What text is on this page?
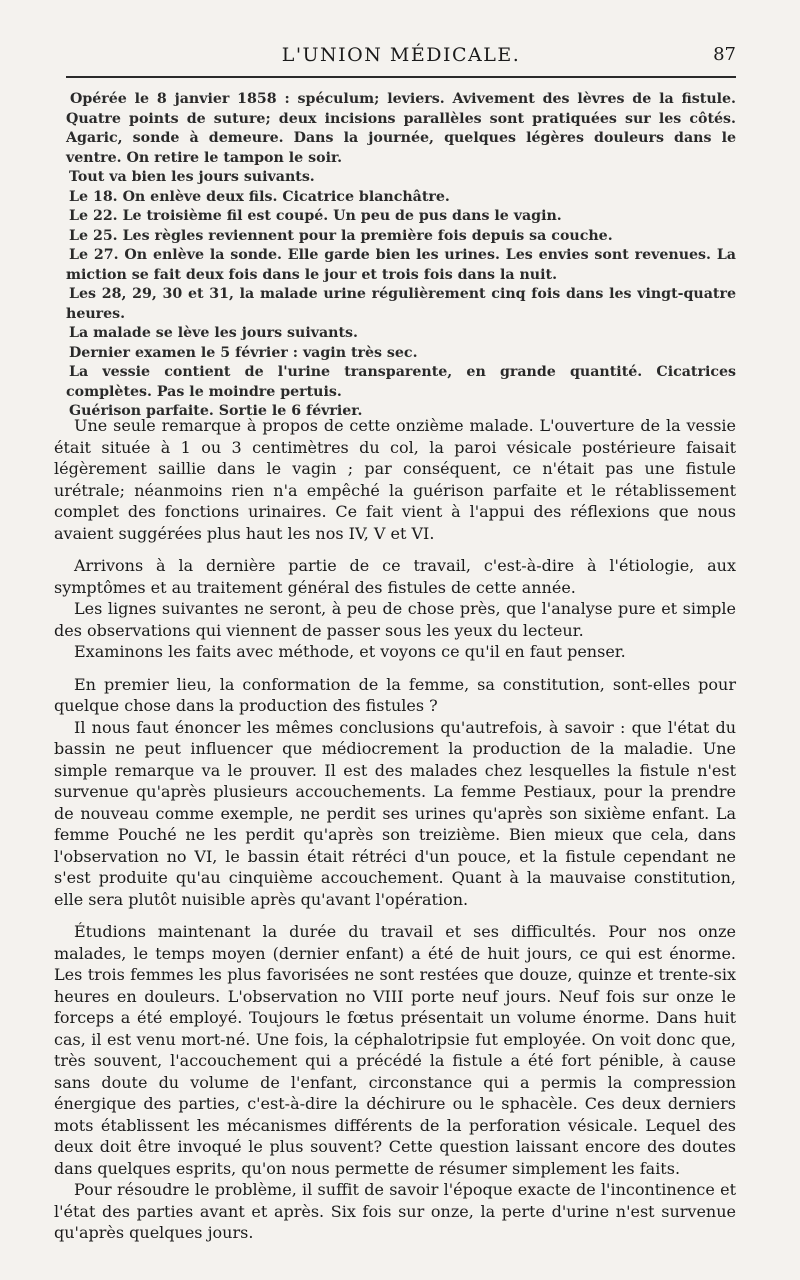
L'UNION MÉDICALE.	87

Opérée le 8 janvier 1858 : spéculum; leviers. Avivement des lèvres de la fistule. Quatre points de suture; deux incisions parallèles sont pratiquées sur les côtés. Agaric, sonde à demeure. Dans la journée, quelques légères douleurs dans le ventre. On retire le tampon le soir.

Tout va bien les jours suivants.

Le 18. On enlève deux fils. Cicatrice blanchâtre.

Le 22. Le troisième fil est coupé. Un peu de pus dans le vagin.

Le 25. Les règles reviennent pour la première fois depuis sa couche.

Le 27. On enlève la sonde. Elle garde bien les urines. Les envies sont revenues. La miction se fait deux fois dans le jour et trois fois dans la nuit.

Les 28, 29, 30 et 31, la malade urine régulièrement cinq fois dans les vingt-quatre heures.

La malade se lève les jours suivants.

Dernier examen le 5 février : vagin très sec.

La vessie contient de l'urine transparente, en grande quantité. Cicatrices complètes. Pas le moindre pertuis.

Guérison parfaite. Sortie le 6 février.

Une seule remarque à propos de cette onzième malade. L'ouverture de la vessie était située à 1 ou 3 centimètres du col, la paroi vésicale postérieure faisait légèrement saillie dans le vagin ; par conséquent, ce n'était pas une fistule urétrale; néanmoins rien n'a empêché la guérison parfaite et le rétablissement complet des fonctions urinaires. Ce fait vient à l'appui des réflexions que nous avaient suggérées plus haut les nos IV, V et VI.

Arrivons à la dernière partie de ce travail, c'est-à-dire à l'étiologie, aux symptômes et au traitement général des fistules de cette année.

Les lignes suivantes ne seront, à peu de chose près, que l'analyse pure et simple des observations qui viennent de passer sous les yeux du lecteur.

Examinons les faits avec méthode, et voyons ce qu'il en faut penser.

En premier lieu, la conformation de la femme, sa constitution, sont-elles pour quelque chose dans la production des fistules ?

Il nous faut énoncer les mêmes conclusions qu'autrefois, à savoir : que l'état du bassin ne peut influencer que médiocrement la production de la maladie. Une simple remarque va le prouver. Il est des malades chez lesquelles la fistule n'est survenue qu'après plusieurs accouchements. La femme Pestiaux, pour la prendre de nouveau comme exemple, ne perdit ses urines qu'après son sixième enfant. La femme Pouché ne les perdit qu'après son treizième. Bien mieux que cela, dans l'observation no VI, le bassin était rétréci d'un pouce, et la fistule cependant ne s'est produite qu'au cinquième accouchement. Quant à la mauvaise constitution, elle sera plutôt nuisible après qu'avant l'opération.

Étudions maintenant la durée du travail et ses difficultés. Pour nos onze malades, le temps moyen (dernier enfant) a été de huit jours, ce qui est énorme. Les trois femmes les plus favorisées ne sont restées que douze, quinze et trente-six heures en douleurs. L'observation no VIII porte neuf jours. Neuf fois sur onze le forceps a été employé. Toujours le fœtus présentait un volume énorme. Dans huit cas, il est venu mort-né. Une fois, la céphalotripsie fut employée. On voit donc que, très souvent, l'accouchement qui a précédé la fistule a été fort pénible, à cause sans doute du volume de l'enfant, circonstance qui a permis la compression énergique des parties, c'est-à-dire la déchirure ou le sphacèle. Ces deux derniers mots établissent les mécanismes différents de la perforation vésicale. Lequel des deux doit être invoqué le plus souvent? Cette question laissant encore des doutes dans quelques esprits, qu'on nous permette de résumer simplement les faits.

Pour résoudre le problème, il suffit de savoir l'époque exacte de l'incontinence et l'état des parties avant et après. Six fois sur onze, la perte d'urine n'est survenue qu'après quelques jours.
